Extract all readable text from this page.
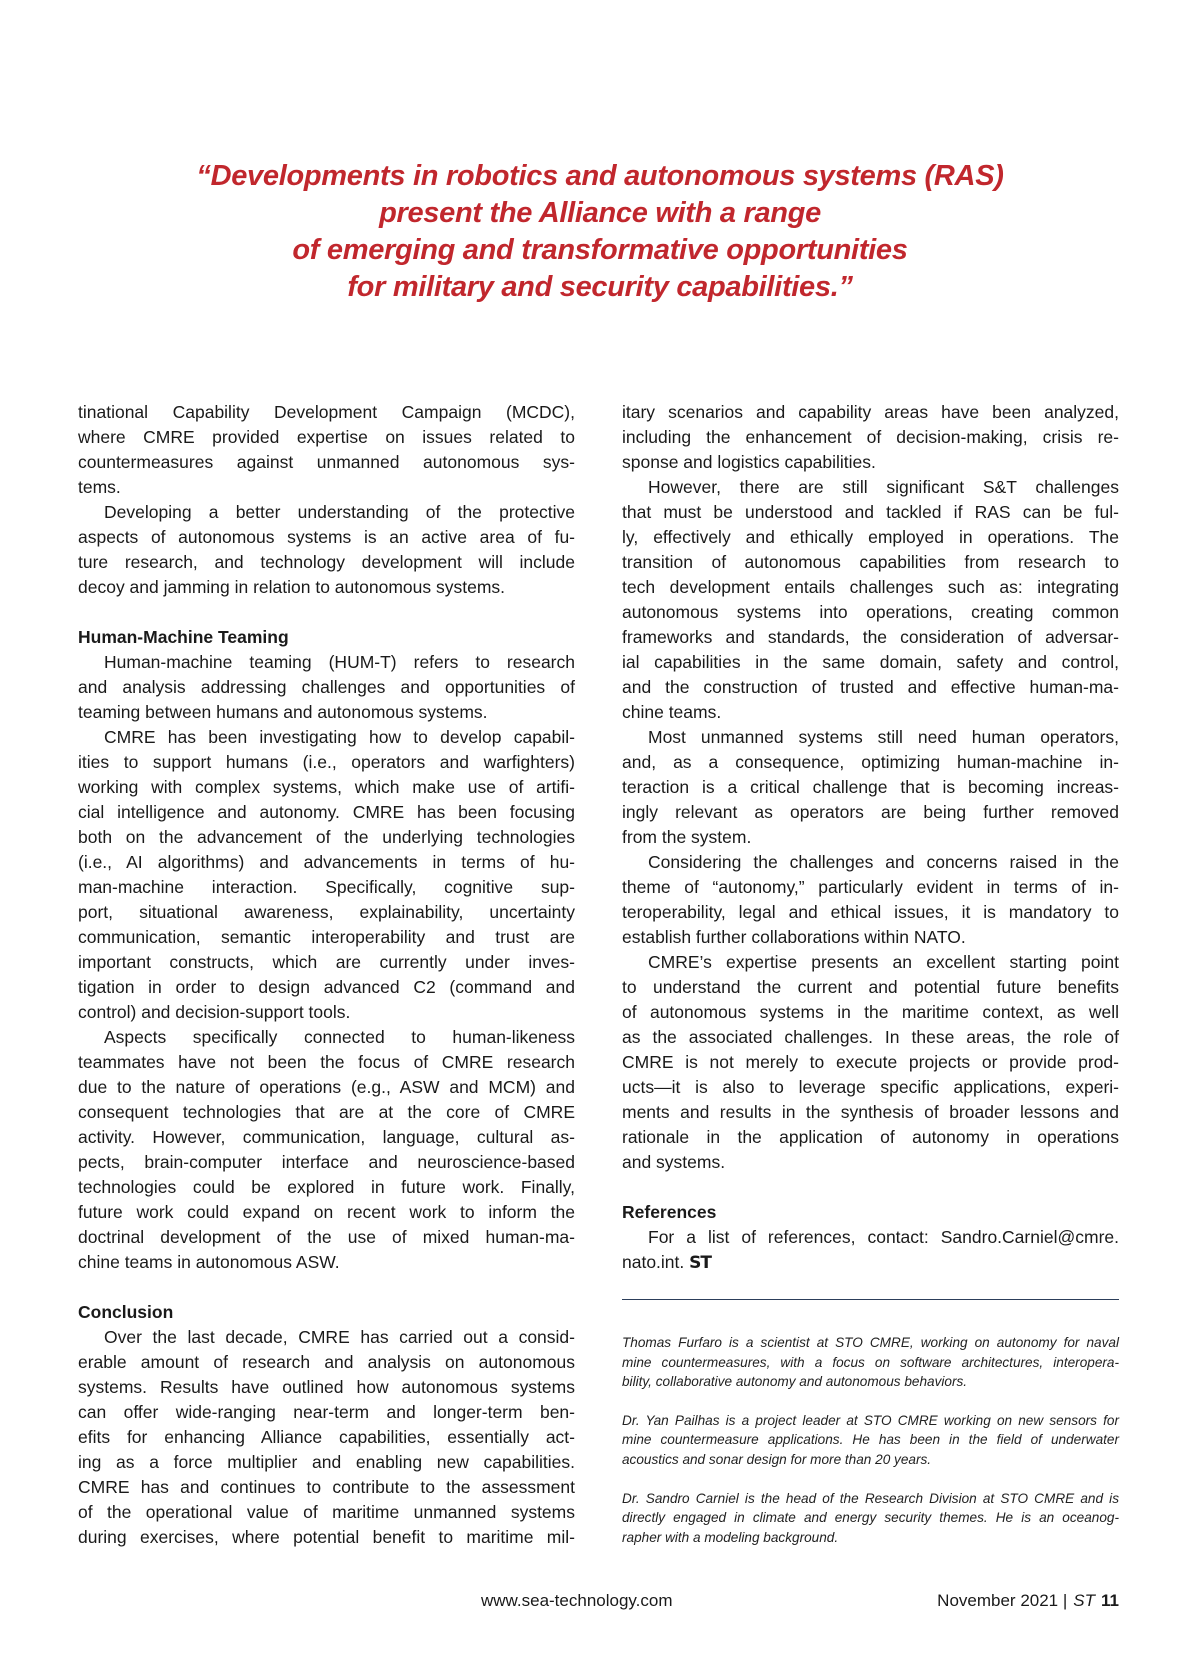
“Developments in robotics and autonomous systems (RAS)
present the Alliance with a range
of emerging and transformative opportunities
for military and security capabilities.”
tinational Capability Development Campaign (MCDC),
where CMRE provided expertise on issues related to
countermeasures against unmanned autonomous sys-
tems.
Developing a better understanding of the protective
aspects of autonomous systems is an active area of fu-
ture research, and technology development will include
decoy and jamming in relation to autonomous systems.
Human-Machine Teaming
Human-machine teaming (HUM-T) refers to research
and analysis addressing challenges and opportunities of
teaming between humans and autonomous systems.
CMRE has been investigating how to develop capabil-
ities to support humans (i.e., operators and warfighters)
working with complex systems, which make use of artifi-
cial intelligence and autonomy. CMRE has been focusing
both on the advancement of the underlying technologies
(i.e., AI algorithms) and advancements in terms of hu-
man-machine interaction. Specifically, cognitive sup-
port, situational awareness, explainability, uncertainty
communication, semantic interoperability and trust are
important constructs, which are currently under inves-
tigation in order to design advanced C2 (command and
control) and decision-support tools.
Aspects specifically connected to human-likeness
teammates have not been the focus of CMRE research
due to the nature of operations (e.g., ASW and MCM) and
consequent technologies that are at the core of CMRE
activity. However, communication, language, cultural as-
pects, brain-computer interface and neuroscience-based
technologies could be explored in future work. Finally,
future work could expand on recent work to inform the
doctrinal development of the use of mixed human-ma-
chine teams in autonomous ASW.
Conclusion
Over the last decade, CMRE has carried out a consid-
erable amount of research and analysis on autonomous
systems. Results have outlined how autonomous systems
can offer wide-ranging near-term and longer-term ben-
efits for enhancing Alliance capabilities, essentially act-
ing as a force multiplier and enabling new capabilities.
CMRE has and continues to contribute to the assessment
of the operational value of maritime unmanned systems
during exercises, where potential benefit to maritime mil-
itary scenarios and capability areas have been analyzed,
including the enhancement of decision-making, crisis re-
sponse and logistics capabilities.
However, there are still significant S&T challenges
that must be understood and tackled if RAS can be ful-
ly, effectively and ethically employed in operations. The
transition of autonomous capabilities from research to
tech development entails challenges such as: integrating
autonomous systems into operations, creating common
frameworks and standards, the consideration of adversar-
ial capabilities in the same domain, safety and control,
and the construction of trusted and effective human-ma-
chine teams.
Most unmanned systems still need human operators,
and, as a consequence, optimizing human-machine in-
teraction is a critical challenge that is becoming increas-
ingly relevant as operators are being further removed
from the system.
Considering the challenges and concerns raised in the
theme of “autonomy,” particularly evident in terms of in-
teroperability, legal and ethical issues, it is mandatory to
establish further collaborations within NATO.
CMRE’s expertise presents an excellent starting point
to understand the current and potential future benefits
of autonomous systems in the maritime context, as well
as the associated challenges. In these areas, the role of
CMRE is not merely to execute projects or provide prod-
ucts—it is also to leverage specific applications, experi-
ments and results in the synthesis of broader lessons and
rationale in the application of autonomy in operations
and systems.
References
For a list of references, contact: Sandro.Carniel@cmre.
nato.int. ST
Thomas Furfaro is a scientist at STO CMRE, working on autonomy for naval
mine countermeasures, with a focus on software architectures, interopera-
bility, collaborative autonomy and autonomous behaviors.
Dr. Yan Pailhas is a project leader at STO CMRE working on new sensors for
mine countermeasure applications. He has been in the field of underwater
acoustics and sonar design for more than 20 years.
Dr. Sandro Carniel is the head of the Research Division at STO CMRE and is
directly engaged in climate and energy security themes. He is an oceanog-
rapher with a modeling background.
www.sea-technology.com	November 2021 | ST 11
